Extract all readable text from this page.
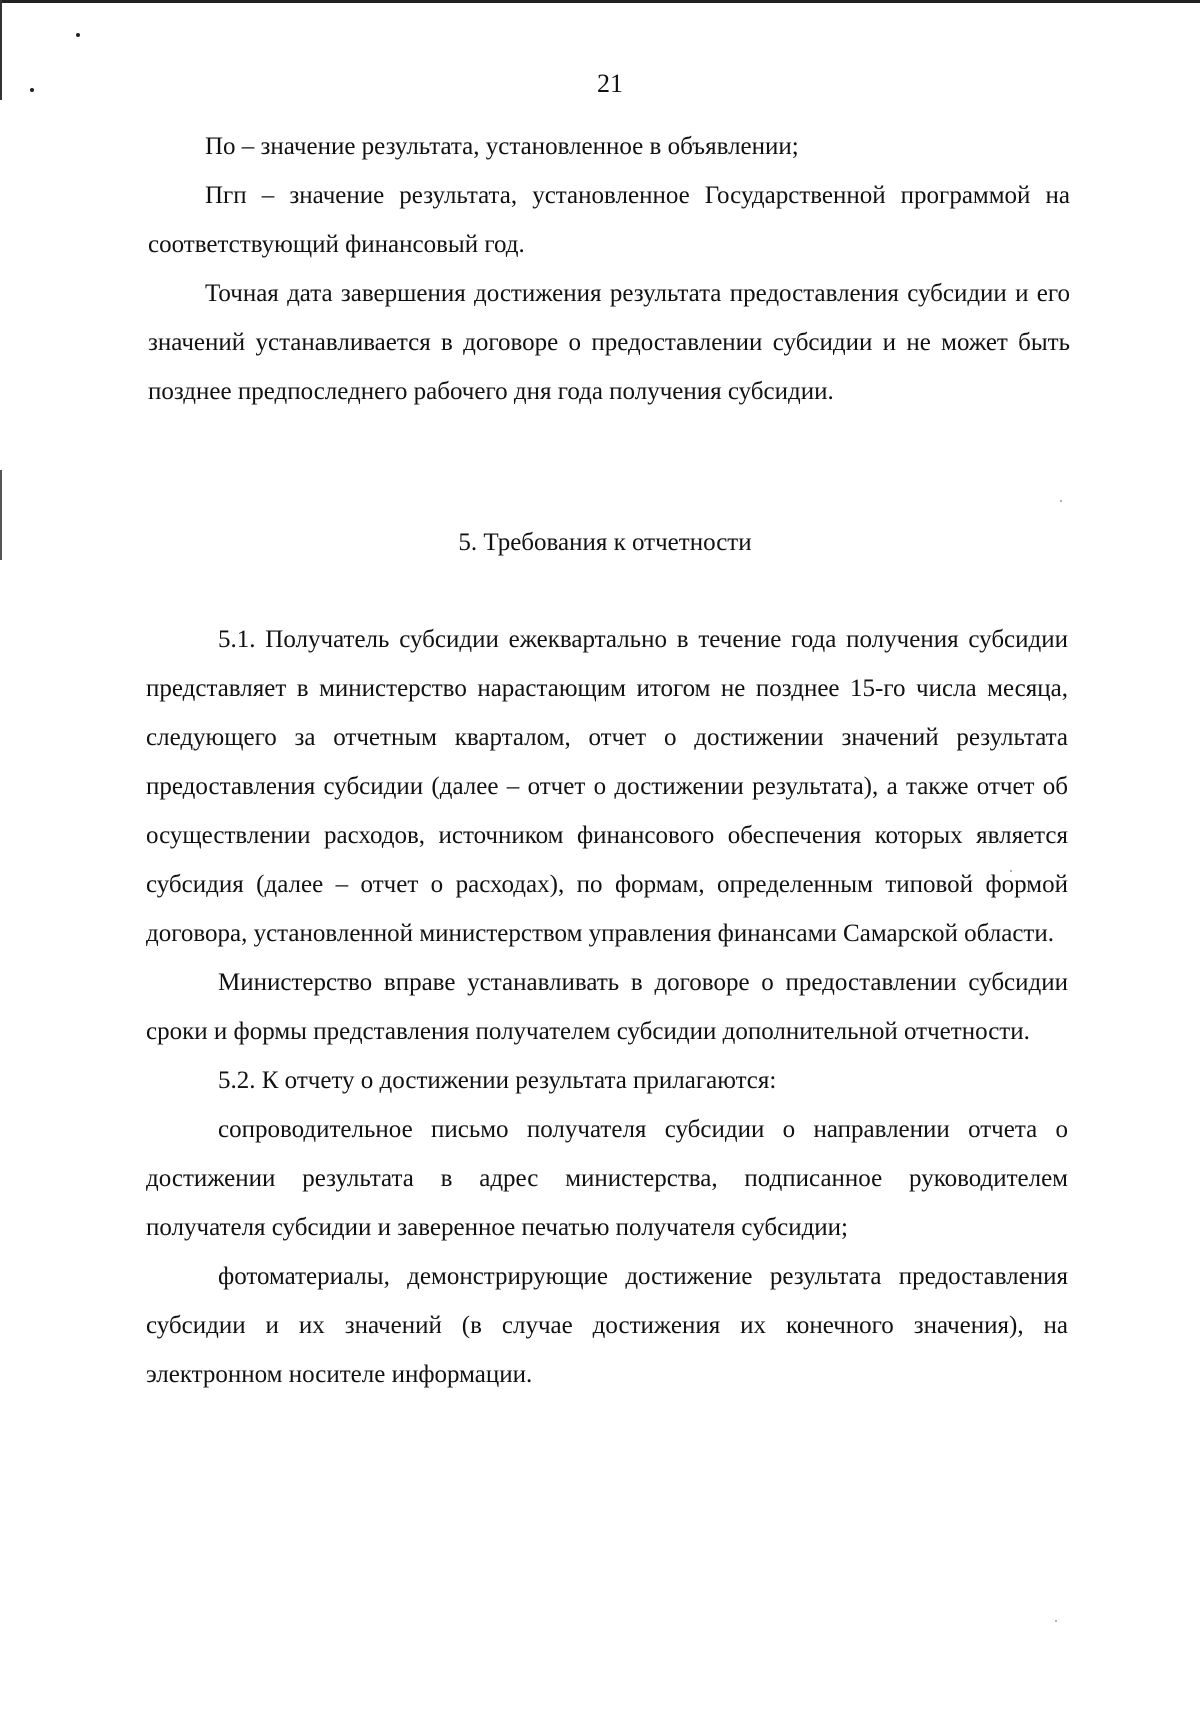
21

По – значение результата, установленное в объявлении;

Пгп – значение результата, установленное Государственной программой на соответствующий финансовый год.

Точная дата завершения достижения результата предоставления субсидии и его значений устанавливается в договоре о предоставлении субсидии и не может быть позднее предпоследнего рабочего дня года получения субсидии.

5. Требования к отчетности

5.1. Получатель субсидии ежеквартально в течение года получения субсидии представляет в министерство нарастающим итогом не позднее 15-го числа месяца, следующего за отчетным кварталом, отчет о достижении значений результата предоставления субсидии (далее – отчет о достижении результата), а также отчет об осуществлении расходов, источником финансового обеспечения которых является субсидия (далее – отчет о расходах), по формам, определенным типовой формой договора, установленной министерством управления финансами Самарской области.

Министерство вправе устанавливать в договоре о предоставлении субсидии сроки и формы представления получателем субсидии дополнительной отчетности.

5.2. К отчету о достижении результата прилагаются:

сопроводительное письмо получателя субсидии о направлении отчета о достижении результата в адрес министерства, подписанное руководителем получателя субсидии и заверенное печатью получателя субсидии;

фотоматериалы, демонстрирующие достижение результата предоставления субсидии и их значений (в случае достижения их конечного значения), на электронном носителе информации.
